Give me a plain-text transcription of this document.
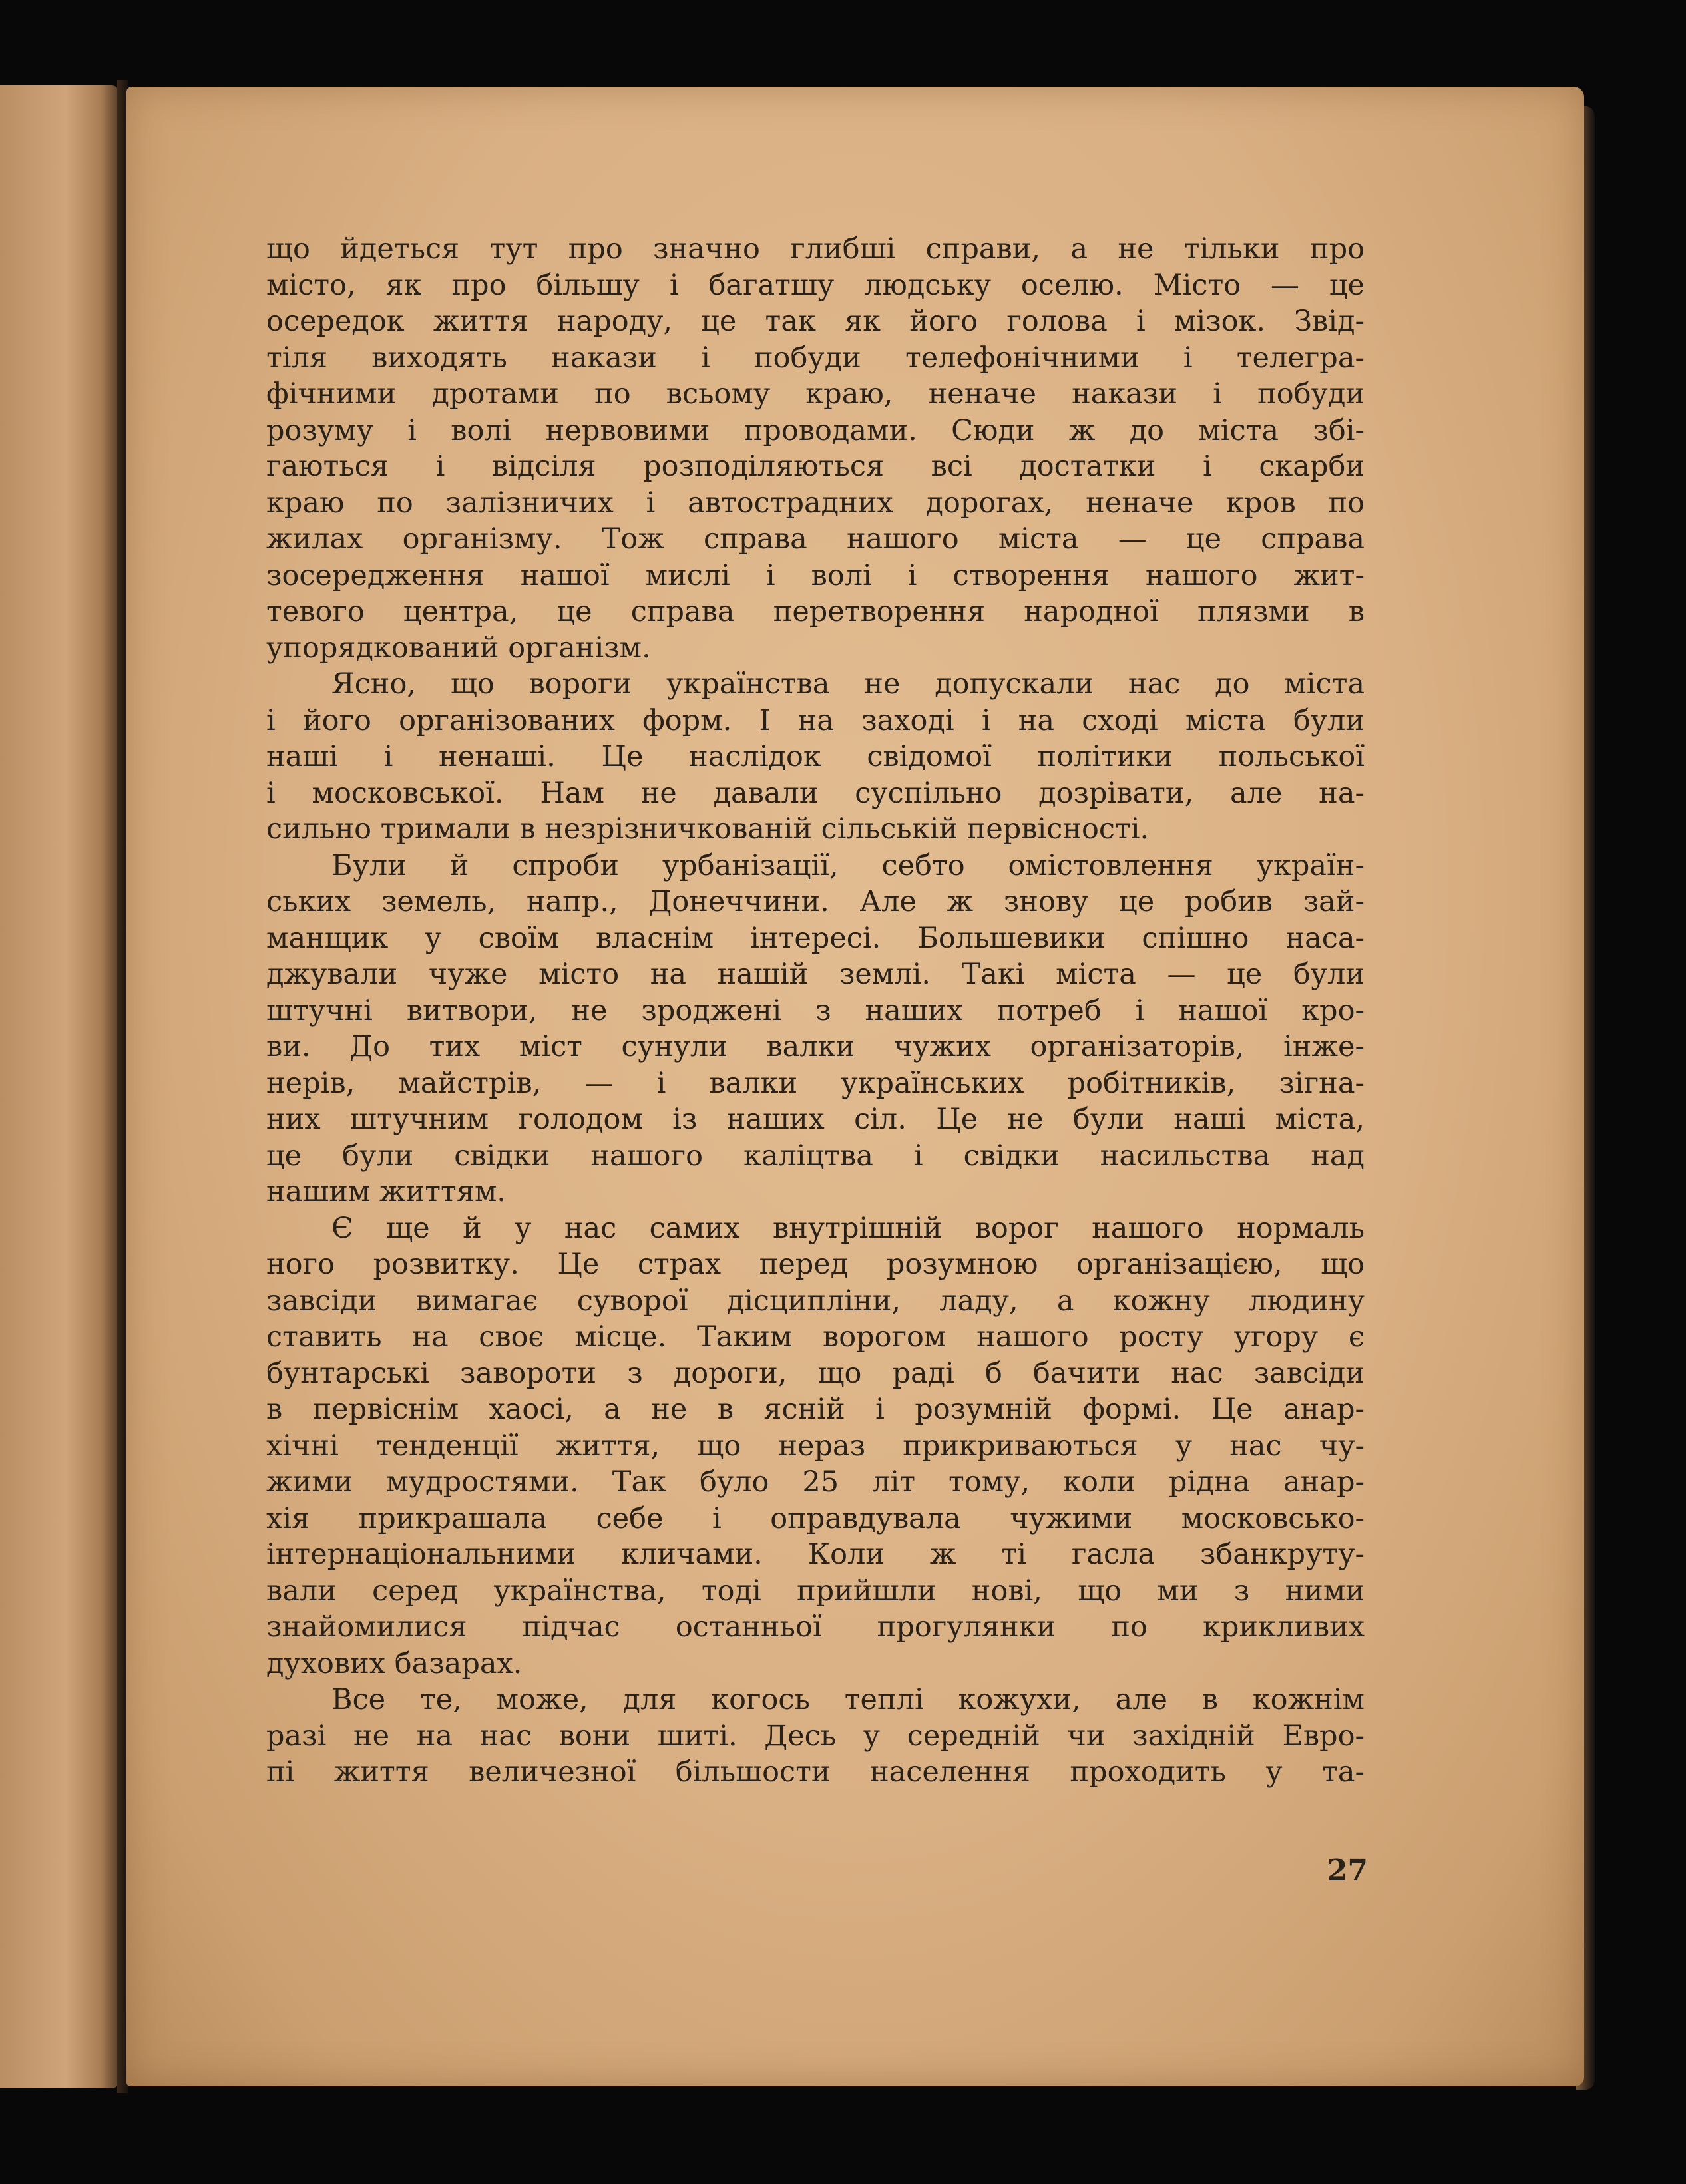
що йдеться тут про значно глибші справи, а не тільки про
місто, як про більшу і багатшу людську оселю. Місто — це
осередок життя народу, це так як його голова і мізок. Звід-
тіля виходять накази і побуди телефонічними і телегра-
фічними дротами по всьому краю, неначе накази і побуди
розуму і волі нервовими проводами. Сюди ж до міста збі-
гаються і відсіля розподіляються всі достатки і скарби
краю по залізничих і автострадних дорогах, неначе кров по
жилах організму. Тож справа нашого міста — це справа
зосередження нашої мислі і волі і створення нашого жит-
тевого центра, це справа перетворення народної плязми в
упорядкований організм.
Ясно, що вороги українства не допускали нас до міста
і його організованих форм. І на заході і на сході міста були
наші і ненаші. Це наслідок свідомої політики польської
і московської. Нам не давали суспільно дозрівати, але на-
сильно тримали в незрізничкованій сільській первісності.
Були й спроби урбанізації, себто омістовлення україн-
ських земель, напр., Донеччини. Але ж знову це робив зай-
манщик у своїм власнім інтересі. Большевики спішно наса-
джували чуже місто на нашій землі. Такі міста — це були
штучні витвори, не зроджені з наших потреб і нашої кро-
ви. До тих міст сунули валки чужих організаторів, інже-
нерів, майстрів, — і валки українських робітників, зігна-
них штучним голодом із наших сіл. Це не були наші міста,
це були свідки нашого каліцтва і свідки насильства над
нашим життям.
Є ще й у нас самих внутрішній ворог нашого нормаль
ного розвитку. Це страх перед розумною організацією, що
завсіди вимагає суворої дісципліни, ладу, а кожну людину
ставить на своє місце. Таким ворогом нашого росту угору є
бунтарські завороти з дороги, що раді б бачити нас завсіди
в первіснім хаосі, а не в ясній і розумній формі. Це анар-
хічні тенденції життя, що нераз прикриваються у нас чу-
жими мудростями. Так було 25 літ тому, коли рідна анар-
хія прикрашала себе і оправдувала чужими московсько-
інтернаціональними кличами. Коли ж ті гасла збанкруту-
вали серед українства, тоді прийшли нові, що ми з ними
знайомилися підчас останньої прогулянки по крикливих
духових базарах.
Все те, може, для когось теплі кожухи, але в кожнім
разі не на нас вони шиті. Десь у середній чи західній Евро-
пі життя величезної більшости населення проходить у та-
27
